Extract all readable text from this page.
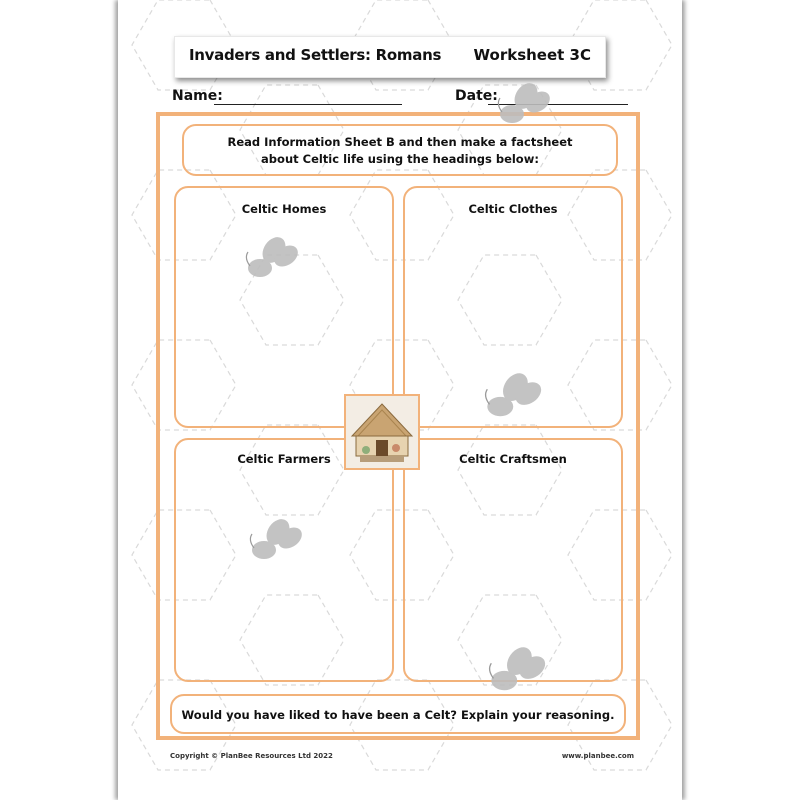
Invaders and Settlers: Romans Worksheet 3C
Name:	Date:
Read Information Sheet B and then make a factsheet about Celtic life using the headings below:
Celtic Homes	Celtic Clothes
Celtic Farmers	Celtic Craftsmen
Would you have liked to have been a Celt? Explain your reasoning.
Copyright © PlanBee Resources Ltd 2022	www.planbee.com
